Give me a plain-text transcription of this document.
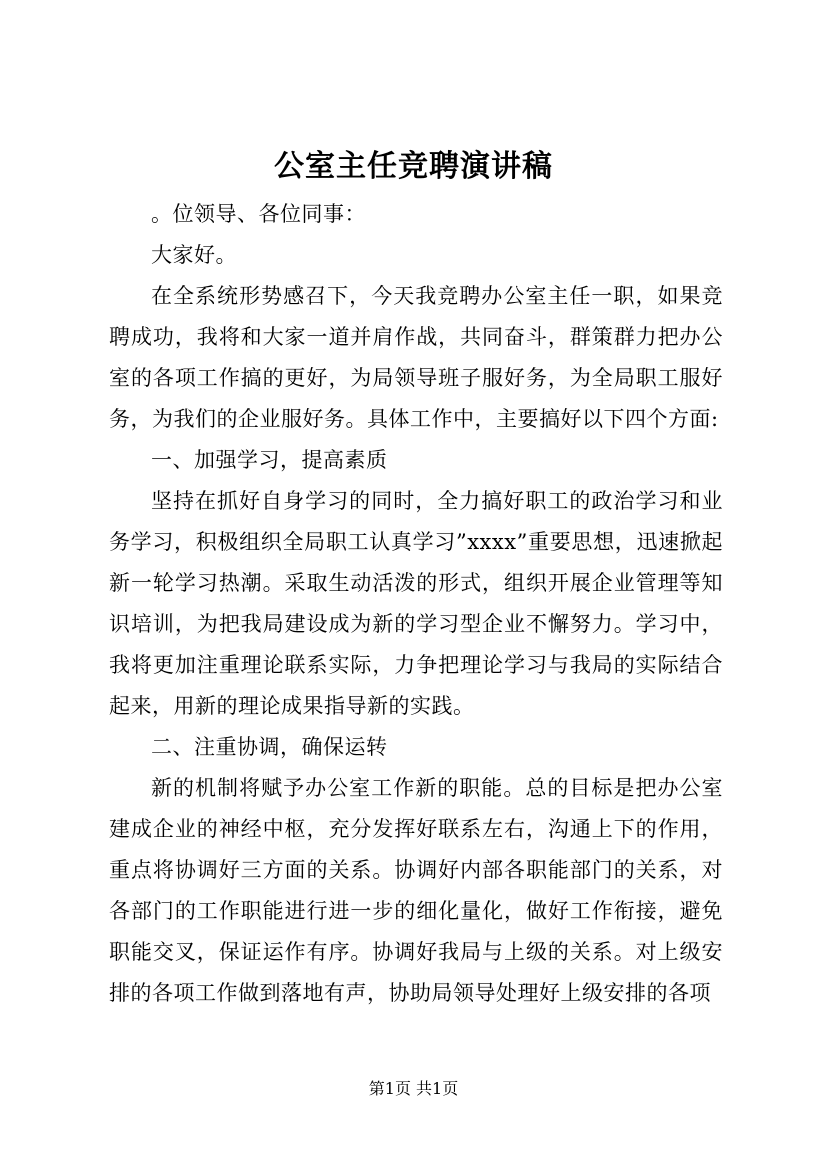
公室主任竞聘演讲稿

。位领导、各位同事：

大家好。

在全系统形势感召下，今天我竞聘办公室主任一职，如果竞聘成功，我将和大家一道并肩作战，共同奋斗，群策群力把办公室的各项工作搞的更好，为局领导班子服好务，为全局职工服好务，为我们的企业服好务。具体工作中，主要搞好以下四个方面:

一、加强学习，提高素质

坚持在抓好自身学习的同时，全力搞好职工的政治学习和业务学习，积极组织全局职工认真学习”xxxx”重要思想，迅速掀起新一轮学习热潮。采取生动活泼的形式，组织开展企业管理等知识培训，为把我局建设成为新的学习型企业不懈努力。学习中，我将更加注重理论联系实际，力争把理论学习与我局的实际结合起来，用新的理论成果指导新的实践。

二、注重协调，确保运转

新的机制将赋予办公室工作新的职能。总的目标是把办公室建成企业的神经中枢，充分发挥好联系左右，沟通上下的作用，重点将协调好三方面的关系。协调好内部各职能部门的关系，对各部门的工作职能进行进一步的细化量化，做好工作衔接，避免职能交叉，保证运作有序。协调好我局与上级的关系。对上级安排的各项工作做到落地有声，协助局领导处理好上级安排的各项

第1页 共1页
